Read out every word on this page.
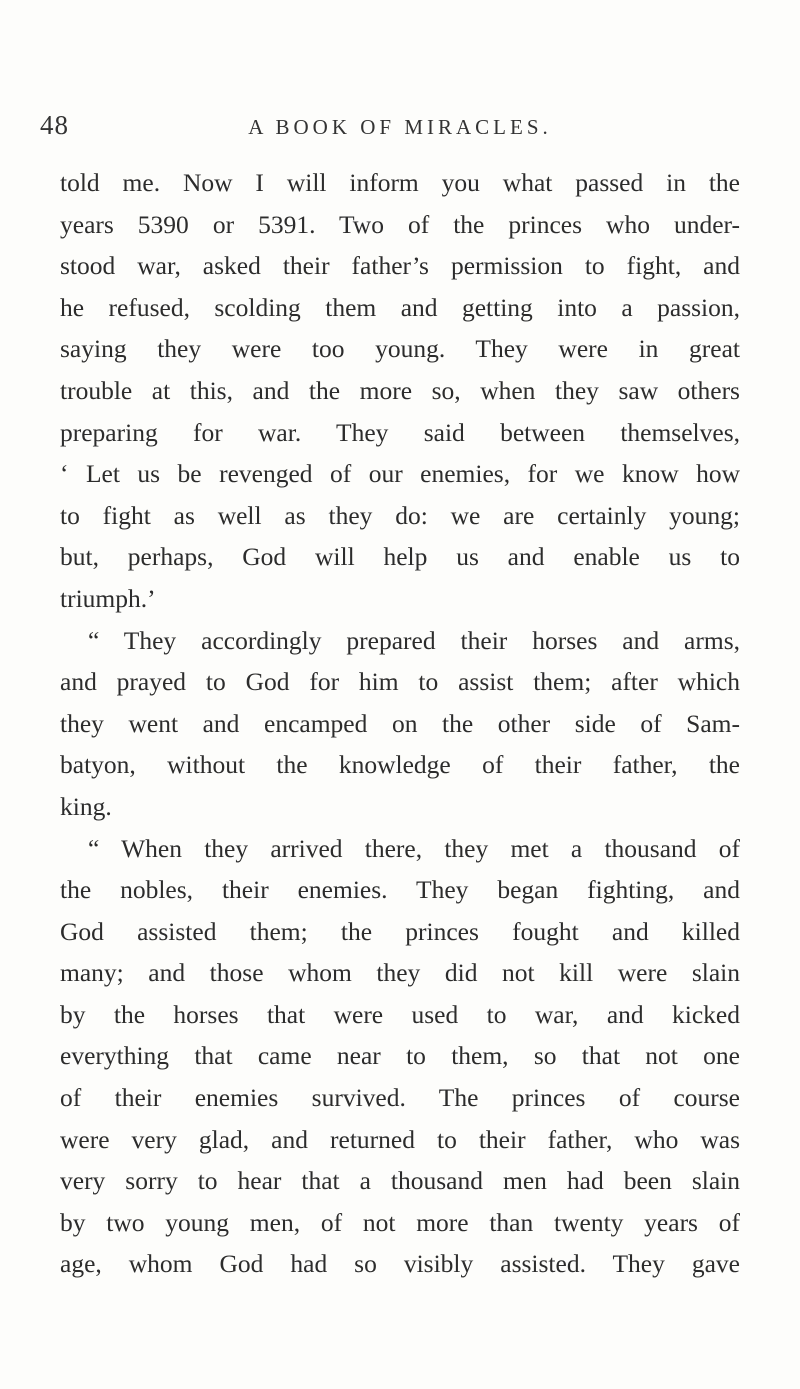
48	A BOOK OF MIRACLES.
told me. Now I will inform you what passed in the
years 5390 or 5391. Two of the princes who under-
stood war, asked their father’s permission to fight, and
he refused, scolding them and getting into a passion,
saying they were too young. They were in great
trouble at this, and the more so, when they saw others
preparing for war. They said between themselves,
‘ Let us be revenged of our enemies, for we know how
to fight as well as they do: we are certainly young;
but, perhaps, God will help us and enable us to
triumph.’
“ They accordingly prepared their horses and arms,
and prayed to God for him to assist them; after which
they went and encamped on the other side of Sam-
batyon, without the knowledge of their father, the
king.
“ When they arrived there, they met a thousand of
the nobles, their enemies. They began fighting, and
God assisted them; the princes fought and killed
many; and those whom they did not kill were slain
by the horses that were used to war, and kicked
everything that came near to them, so that not one
of their enemies survived. The princes of course
were very glad, and returned to their father, who was
very sorry to hear that a thousand men had been slain
by two young men, of not more than twenty years of
age, whom God had so visibly assisted. They gave
